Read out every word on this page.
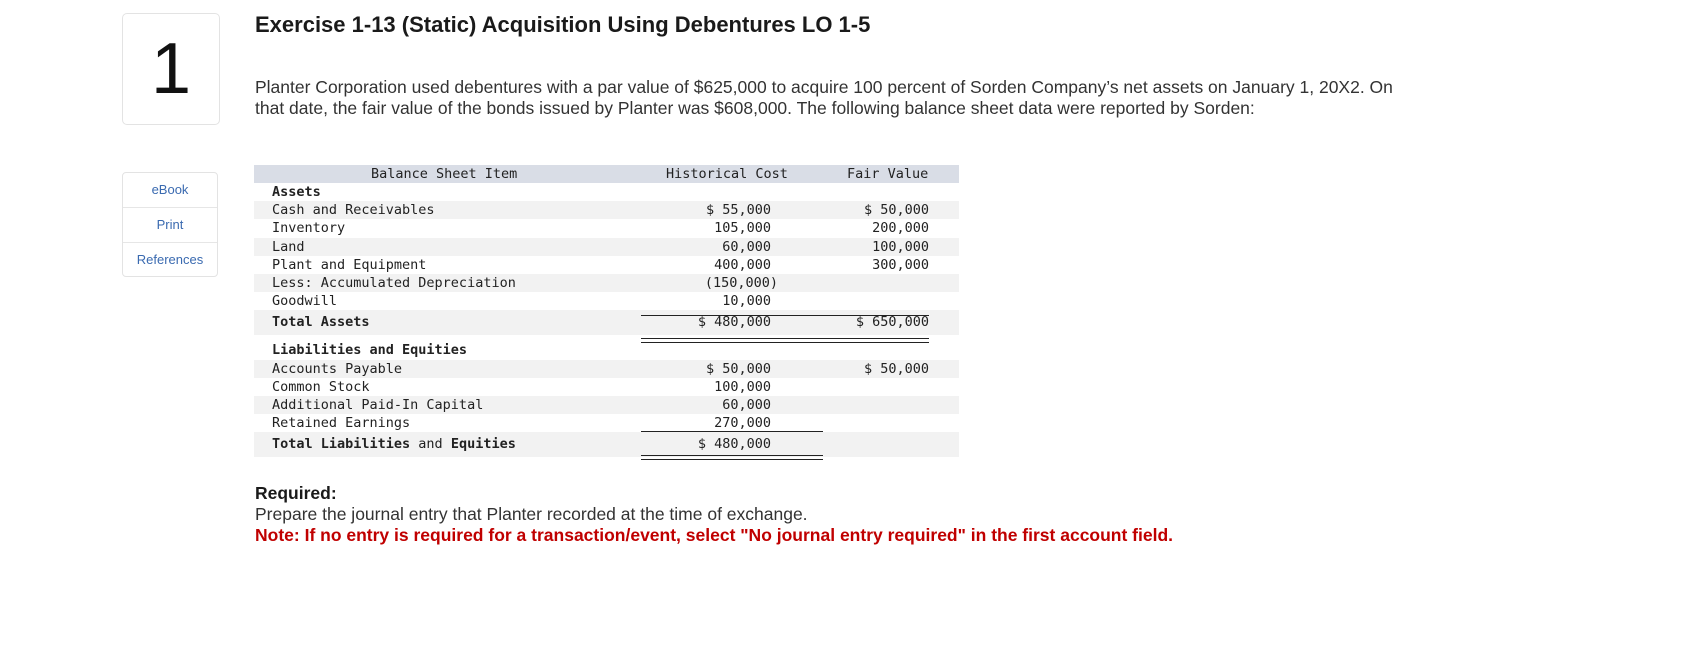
1
eBook
Print
References
Exercise 1-13 (Static) Acquisition Using Debentures LO 1-5

Planter Corporation used debentures with a par value of $625,000 to acquire 100 percent of Sorden Company’s net assets on January 1, 20X2. On that date, the fair value of the bonds issued by Planter was $608,000. The following balance sheet data were reported by Sorden:

Balance Sheet Item	Historical Cost	Fair Value
Assets
Cash and Receivables	$ 55,000	$ 50,000
Inventory	105,000	200,000
Land	60,000	100,000
Plant and Equipment	400,000	300,000
Less: Accumulated Depreciation	(150,000)
Goodwill	10,000
Total Assets	$ 480,000	$ 650,000
Liabilities and Equities
Accounts Payable	$ 50,000	$ 50,000
Common Stock	100,000
Additional Paid-In Capital	60,000
Retained Earnings	270,000
Total Liabilities and Equities	$ 480,000
Required:
Prepare the journal entry that Planter recorded at the time of exchange.
Note: If no entry is required for a transaction/event, select "No journal entry required" in the first account field.
